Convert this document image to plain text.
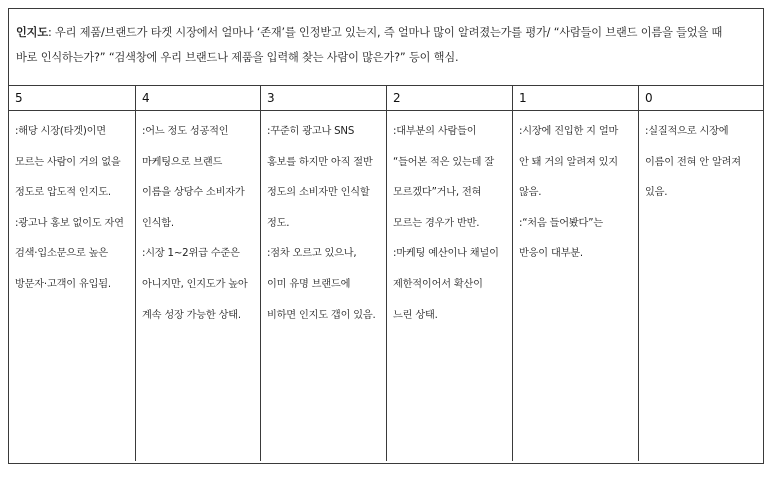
인지도: 우리 제품/브랜드가 타겟 시장에서 얼마나 ‘존재’를 인정받고 있는지, 즉 얼마나 많이 알려졌는가를 평가/ “사람들이 브랜드 이름을 들었을 때
바로 인식하는가?” “검색창에 우리 브랜드나 제품을 입력해 찾는 사람이 많은가?” 등이 핵심.
5
:해당 시장(타겟)이면
모르는 사람이 거의 없을
정도로 압도적 인지도.
:광고나 홍보 없이도 자연
검색·입소문으로 높은
방문자·고객이 유입됨.
4
:어느 정도 성공적인
마케팅으로 브랜드
이름을 상당수 소비자가
인식함.
:시장 1~2위급 수준은
아니지만, 인지도가 높아
계속 성장 가능한 상태.
3
:꾸준히 광고나 SNS
홍보를 하지만 아직 절반
정도의 소비자만 인식할
정도.
:점차 오르고 있으나,
이미 유명 브랜드에
비하면 인지도 갭이 있음.
2
:대부분의 사람들이
“들어본 적은 있는데 잘
모르겠다”거나, 전혀
모르는 경우가 반반.
:마케팅 예산이나 채널이
제한적이어서 확산이
느린 상태.
1
:시장에 진입한 지 얼마
안 돼 거의 알려져 있지
않음.
:“처음 들어봤다”는
반응이 대부분.
0
:실질적으로 시장에
이름이 전혀 안 알려져
있음.
